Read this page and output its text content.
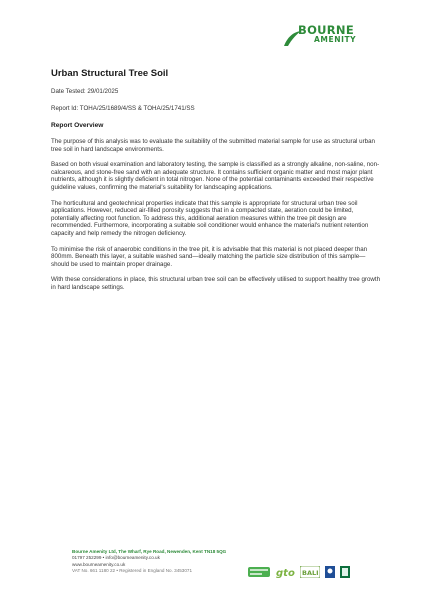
BOURNE
AMENITY
Urban Structural Tree Soil
Date Tested: 29/01/2025
Report Id: TOHA/25/1689/4/SS & TOHA/25/1741/SS
Report Overview

The purpose of this analysis was to evaluate the suitability of the submitted material sample for use as structural urban tree soil in hard landscape environments.

Based on both visual examination and laboratory testing, the sample is classified as a strongly alkaline, non-saline, non-calcareous, and stone-free sand with an adequate structure. It contains sufficient organic matter and most major plant nutrients, although it is slightly deficient in total nitrogen. None of the potential contaminants exceeded their respective guideline values, confirming the material's suitability for landscaping applications.

The horticultural and geotechnical properties indicate that this sample is appropriate for structural urban tree soil applications. However, reduced air-filled porosity suggests that in a compacted state, aeration could be limited, potentially affecting root function. To address this, additional aeration measures within the tree pit design are recommended. Furthermore, incorporating a suitable soil conditioner would enhance the material's nutrient retention capacity and help remedy the nitrogen deficiency.

To minimise the risk of anaerobic conditions in the tree pit, it is advisable that this material is not placed deeper than 800mm. Beneath this layer, a suitable washed sand—ideally matching the particle size distribution of this sample—should be used to maintain proper drainage.

With these considerations in place, this structural urban tree soil can be effectively utilised to support healthy tree growth in hard landscape settings.

Bourne Amenity Ltd, The Wharf, Rye Road, Newenden, Kent TN18 5QG
01797 252299 • info@bourneamenity.co.uk
www.bourneamenity.co.uk
VAT No. 661 1180 22 • Registered in England No. 3453071	gto BALI
